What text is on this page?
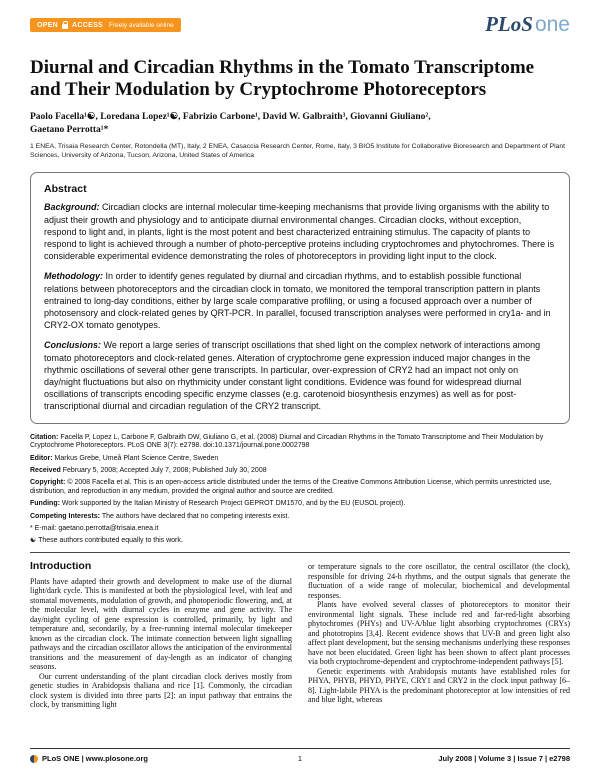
OPEN ACCESS Freely available online	PLoSone
Diurnal and Circadian Rhythms in the Tomato Transcriptome and Their Modulation by Cryptochrome Photoreceptors
Paolo Facella¹☯, Loredana Lopez¹☯, Fabrizio Carbone¹, David W. Galbraith³, Giovanni Giuliano²,
Gaetano Perrotta¹*

1 ENEA, Trisaia Research Center, Rotondella (MT), Italy, 2 ENEA, Casaccia Research Center, Rome, Italy, 3 BIO5 Institute for Collaborative Bioresearch and Department of Plant Sciences, University of Arizona, Tucson, Arizona, United States of America

Abstract

Background: Circadian clocks are internal molecular time-keeping mechanisms that provide living organisms with the ability to adjust their growth and physiology and to anticipate diurnal environmental changes. Circadian clocks, without exception, respond to light and, in plants, light is the most potent and best characterized entraining stimulus. The capacity of plants to respond to light is achieved through a number of photo-perceptive proteins including cryptochromes and phytochromes. There is considerable experimental evidence demonstrating the roles of photoreceptors in providing light input to the clock.

Methodology: In order to identify genes regulated by diurnal and circadian rhythms, and to establish possible functional relations between photoreceptors and the circadian clock in tomato, we monitored the temporal transcription pattern in plants entrained to long-day conditions, either by large scale comparative profiling, or using a focused approach over a number of photosensory and clock-related genes by QRT-PCR. In parallel, focused transcription analyses were performed in cry1a- and in CRY2-OX tomato genotypes.

Conclusions: We report a large series of transcript oscillations that shed light on the complex network of interactions among tomato photoreceptors and clock-related genes. Alteration of cryptochrome gene expression induced major changes in the rhythmic oscillations of several other gene transcripts. In particular, over-expression of CRY2 had an impact not only on day/night fluctuations but also on rhythmicity under constant light conditions. Evidence was found for widespread diurnal oscillations of transcripts encoding specific enzyme classes (e.g. carotenoid biosynthesis enzymes) as well as for post-transcriptional diurnal and circadian regulation of the CRY2 transcript.

Citation: Facella P, Lopez L, Carbone F, Galbraith DW, Giuliano G, et al. (2008) Diurnal and Circadian Rhythms in the Tomato Transcriptome and Their Modulation by Cryptochrome Photoreceptors. PLoS ONE 3(7): e2798. doi:10.1371/journal.pone.0002798
Editor: Markus Grebe, Umeå Plant Science Centre, Sweden
Received February 5, 2008; Accepted July 7, 2008; Published July 30, 2008
Copyright: © 2008 Facella et al. This is an open-access article distributed under the terms of the Creative Commons Attribution License, which permits unrestricted use, distribution, and reproduction in any medium, provided the original author and source are credited.
Funding: Work supported by the Italian Ministry of Research Project GEPROT DM1570, and by the EU (EUSOL project).
Competing Interests: The authors have declared that no competing interests exist.
* E-mail: gaetano.perrotta@trisaia.enea.it
☯ These authors contributed equally to this work.
Introduction

Plants have adapted their growth and development to make use of the diurnal light/dark cycle. This is manifested at both the physiological level, with leaf and stomatal movements, modulation of growth, and photoperiodic flowering, and, at the molecular level, with diurnal cycles in enzyme and gene activity. The day/night cycling of gene expression is controlled, primarily, by light and temperature and, secondarily, by a free-running internal molecular timekeeper known as the circadian clock. The intimate connection between light signalling pathways and the circadian oscillator allows the anticipation of the environmental transitions and the measurement of day-length as an indicator of changing seasons.

Our current understanding of the plant circadian clock derives mostly from genetic studies in Arabidopsis thaliana and rice [1]. Commonly, the circadian clock system is divided into three parts [2]: an input pathway that entrains the clock, by transmitting light

or temperature signals to the core oscillator, the central oscillator (the clock), responsible for driving 24-h rhythms, and the output signals that generate the fluctuation of a wide range of molecular, biochemical and developmental responses.

Plants have evolved several classes of photoreceptors to monitor their environmental light signals. These include red and far-red-light absorbing phytochromes (PHYs) and UV-A/blue light absorbing cryptochromes (CRYs) and phototropins [3,4]. Recent evidence shows that UV-B and green light also affect plant development, but the sensing mechanisms underlying these responses have not been elucidated. Green light has been shown to affect plant processes via both cryptochrome-dependent and cryptochrome-independent pathways [5].

Genetic experiments with Arabidopsis mutants have established roles for PHYA, PHYB, PHYD, PHYE, CRY1 and CRY2 in the clock input pathway [6–8]. Light-labile PHYA is the predominant photoreceptor at low intensities of red and blue light, whereas

PLoS ONE | www.plosone.org	1	July 2008 | Volume 3 | Issue 7 | e2798
